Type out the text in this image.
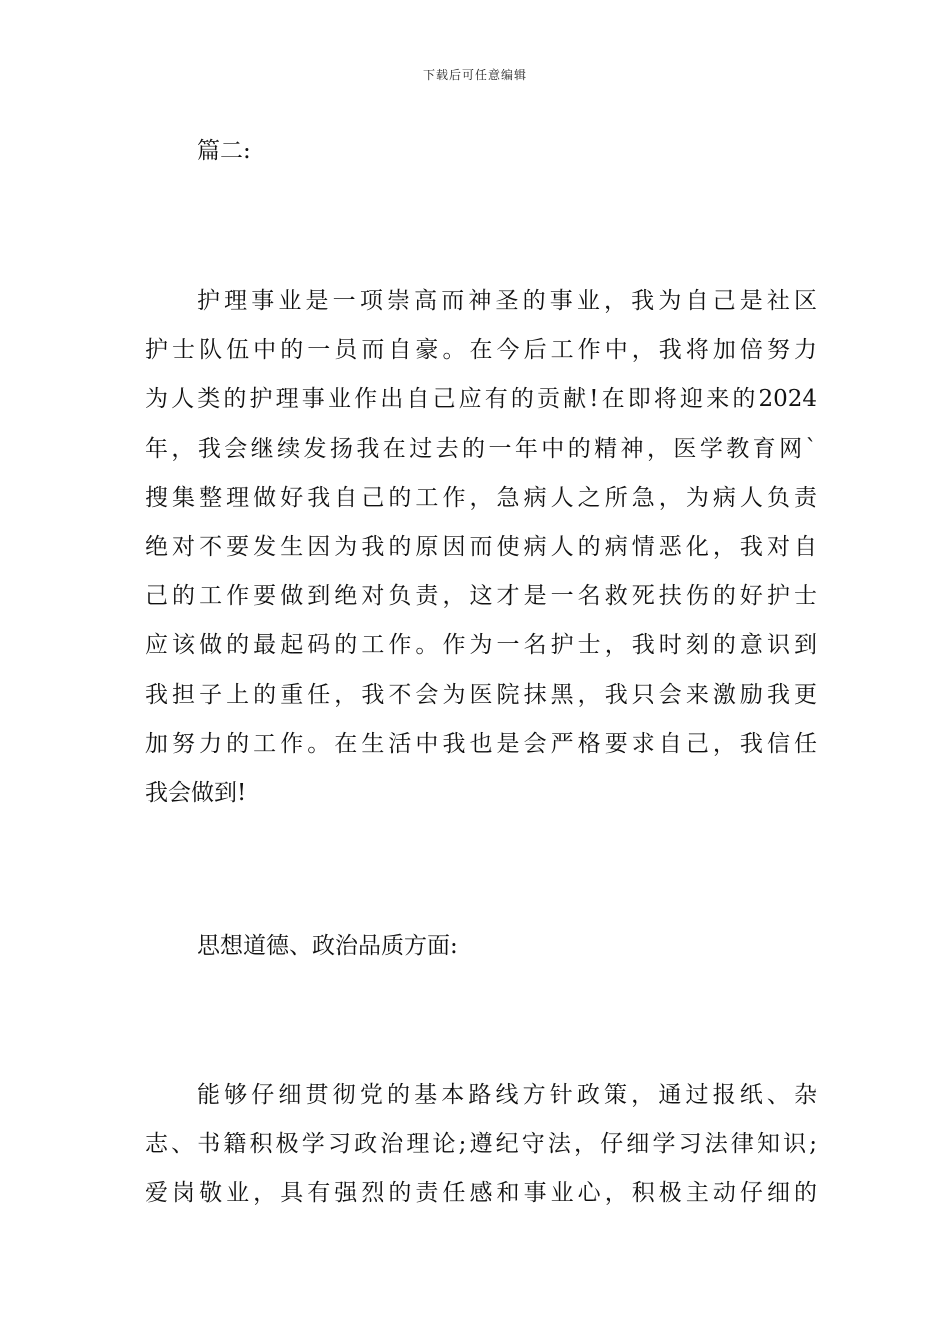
下载后可任意编辑
篇二:
护理事业是一项崇高而神圣的事业，我为自己是社区
护士队伍中的一员而自豪。在今后工作中，我将加倍努力
为人类的护理事业作出自己应有的贡献!在即将迎来的2024
年，我会继续发扬我在过去的一年中的精神，医学教育网`
搜集整理做好我自己的工作，急病人之所急，为病人负责
绝对不要发生因为我的原因而使病人的病情恶化，我对自
己的工作要做到绝对负责，这才是一名救死扶伤的好护士
应该做的最起码的工作。作为一名护士，我时刻的意识到
我担子上的重任，我不会为医院抹黑，我只会来激励我更
加努力的工作。在生活中我也是会严格要求自己，我信任
我会做到!
思想道德、政治品质方面:
能够仔细贯彻党的基本路线方针政策，通过报纸、杂
志、书籍积极学习政治理论;遵纪守法，仔细学习法律知识;
爱岗敬业，具有强烈的责任感和事业心，积极主动仔细的
